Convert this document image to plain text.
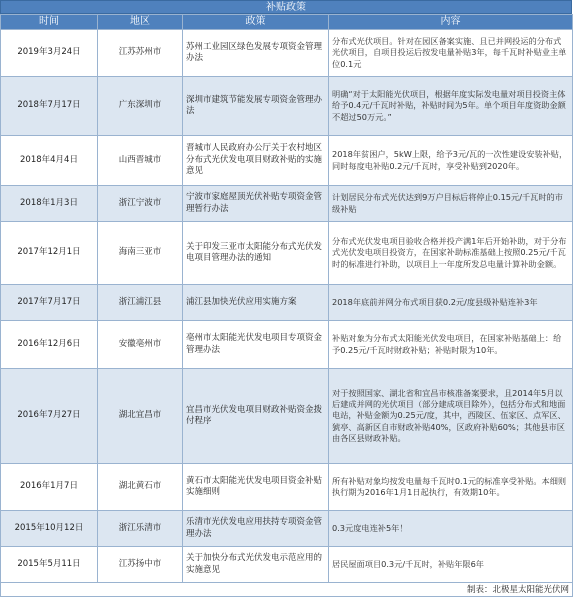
补贴政策
时间	地区	政策	内容
2019年3月24日	江苏苏州市	苏州工业园区绿色发展专项资金管理办法	分布式光伏项目。针对在园区备案实施、且已并网投运的分布式光伏项目，自项目投运后按发电量补贴3年，每千瓦时补贴业主单位0.1元
2018年7月17日	广东深圳市	深圳市建筑节能发展专项资金管理办法	明确“对于太阳能光伏项目，根据年度实际发电量对项目投资主体给予0.4元/千瓦时补贴，补贴时间为5年。单个项目年度资助金额不超过50万元。”
2018年4月4日	山西晋城市	晋城市人民政府办公厅关于农村地区分布式光伏发电项目财政补贴的实施意见	2018年贫困户，5kW上限，给予3元/瓦的一次性建设安装补贴，同时每度电补贴0.2元/千瓦时，享受补贴到2020年。
2018年1月3日	浙江宁波市	宁波市家庭屋顶光伏补贴专项资金管理暂行办法	计划居民分布式光伏达到9万户目标后将停止0.15元/千瓦时的市级补贴
2017年12月1日	海南三亚市	关于印发三亚市太阳能分布式光伏发电项目管理办法的通知	分布式光伏发电项目验收合格并投产满1年后开始补助，对于分布式光伏发电项目投资方，在国家补助标准基础上按照0.25元/千瓦时的标准进行补助，以项目上一年度所发总电量计算补助金额。
2017年7月17日	浙江浦江县	浦江县加快光伏应用实施方案	2018年底前并网分布式项目获0.2元/度县级补贴连补3年
2016年12月6日	安徽亳州市	亳州市太阳能光伏发电项目专项资金管理办法	补贴对象为分布式太阳能光伏发电项目，在国家补贴基础上：给予0.25元/千瓦时财政补贴；补贴时限为10年。
2016年7月27日	湖北宜昌市	宜昌市光伏发电项目财政补贴资金拨付程序	对于按照国家、湖北省和宜昌市核准备案要求，且2014年5月以后建成并网的光伏项目（部分建成项目除外），包括分布式和地面电站，补贴金额为0.25元/度，其中，西陵区、伍家区、点军区、猇亭、高新区自市财政补贴40%，区政府补贴60%；其他县市区由各区县财政补贴。
2016年1月7日	湖北黄石市	黄石市太阳能光伏发电项目资金补贴实施细则	所有补贴对象均按发电量每千瓦时0.1元的标准享受补贴。本细则执行期为2016年1月1日起执行，有效期10年。
2015年10月12日	浙江乐清市	乐清市光伏发电应用扶持专项资金管理办法	0.3元度电连补5年！
2015年5月11日	江苏扬中市	关于加快分布式光伏发电示范应用的实施意见	居民屋面项目0.3元/千瓦时，补贴年限6年
制表：北极星太阳能光伏网			
